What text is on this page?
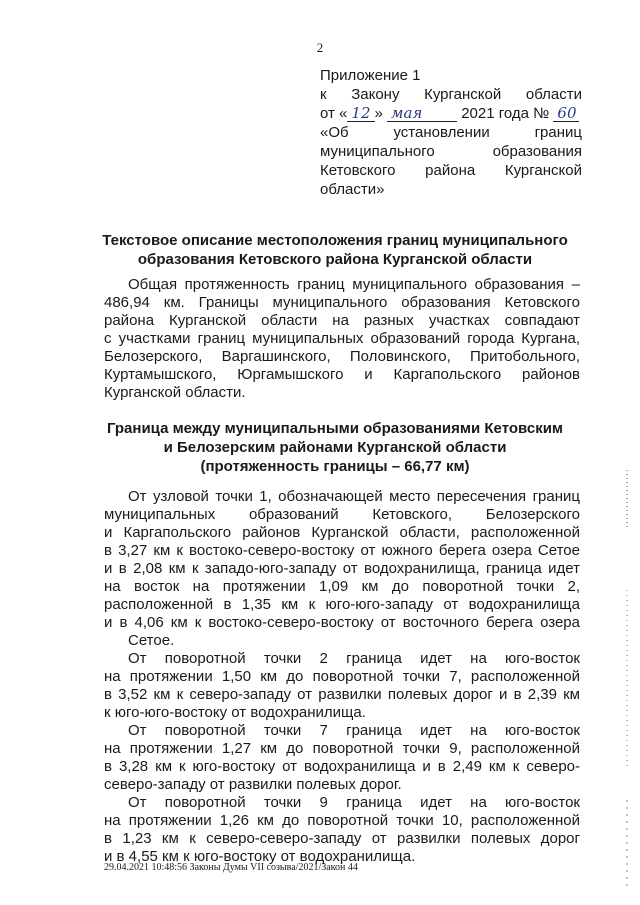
2
Приложение 1
к Закону Курганской области
от « 12 » мая	2021 года № 60
«Об установлении границ
муниципального образования
Кетовского района Курганской
области»
Текстовое описание местоположения границ муниципального
образования Кетовского района Курганской области
Общая протяженность границ муниципального образования –
486,94 км. Границы муниципального образования Кетовского
района Курганской области на разных участках совпадают
с участками границ муниципальных образований города Кургана,
Белозерского, Варгашинского, Половинского, Притобольного,
Куртамышского, Юргамышского и Каргапольского районов
Курганской области.
Граница между муниципальными образованиями Кетовским
и Белозерским районами Курганской области
(протяженность границы – 66,77 км)
От узловой точки 1, обозначающей место пересечения границ
муниципальных образований Кетовского, Белозерского
и Каргапольского районов Курганской области, расположенной
в 3,27 км к востоко-северо-востоку от южного берега озера Сетое
и в 2,08 км к западо-юго-западу от водохранилища, граница идет
на восток на протяжении 1,09 км до поворотной точки 2,
расположенной в 1,35 км к юго-юго-западу от водохранилища
и в 4,06 км к востоко-северо-востоку от восточного берега озера
Сетое.
От поворотной точки 2 граница идет на юго-восток
на протяжении 1,50 км до поворотной точки 7, расположенной
в 3,52 км к северо-западу от развилки полевых дорог и в 2,39 км
к юго-юго-востоку от водохранилища.
От поворотной точки 7 граница идет на юго-восток
на протяжении 1,27 км до поворотной точки 9, расположенной
в 3,28 км к юго-востоку от водохранилища и в 2,49 км к северо-
северо-западу от развилки полевых дорог.
От поворотной точки 9 граница идет на юго-восток
на протяжении 1,26 км до поворотной точки 10, расположенной
в 1,23 км к северо-северо-западу от развилки полевых дорог
и в 4,55 км к юго-востоку от водохранилища.
29.04.2021 10:48:56 Законы Думы VII созыва/2021/Закон 44
